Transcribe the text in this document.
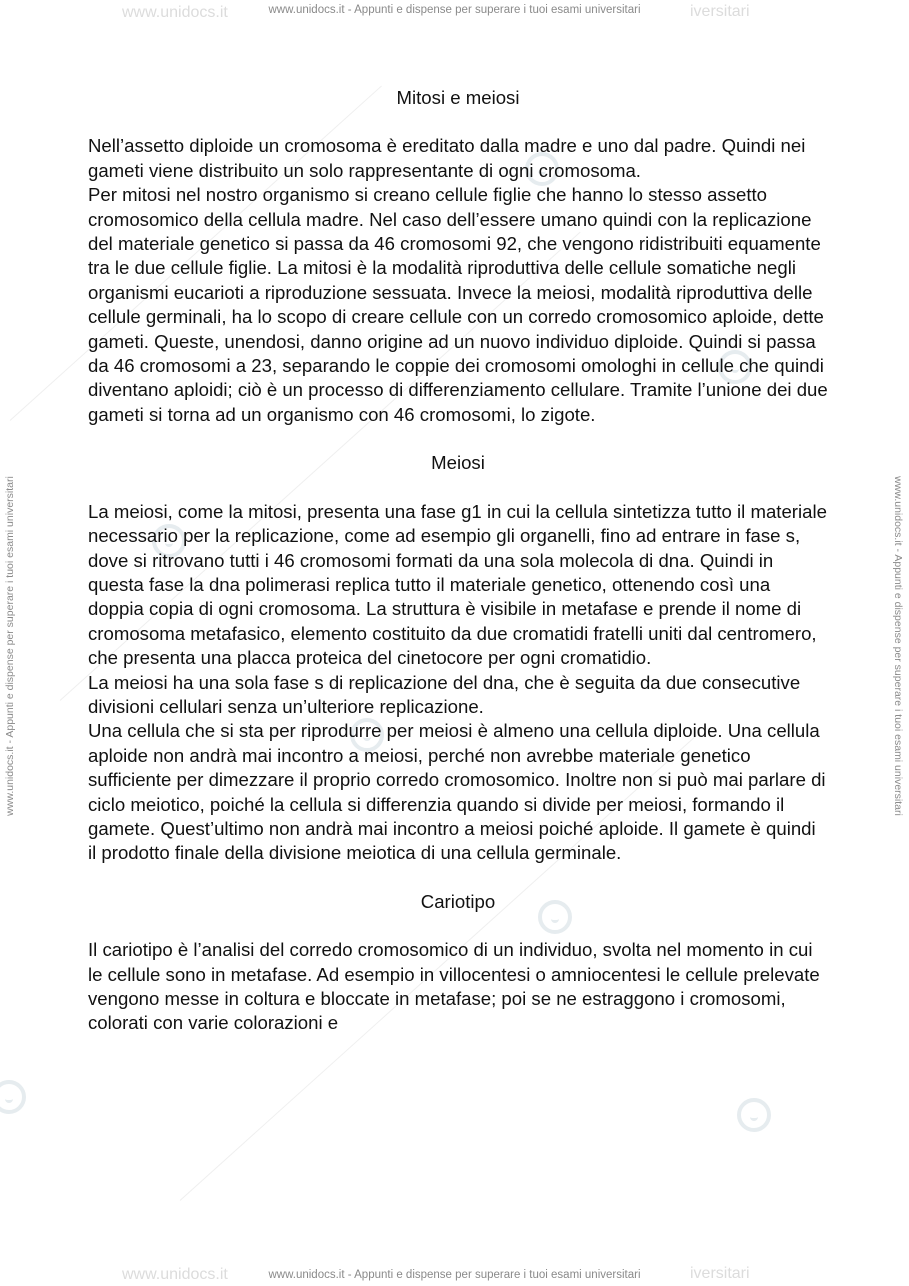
www.unidocs.it	iversitari
www.unidocs.it - Appunti e dispense per superare i tuoi esami universitari
www.unidocs.it	iversitari
www.unidocs.it - Appunti e dispense per superare i tuoi esami universitari
www.unidocs.it - Appunti e dispense per superare i tuoi esami universitari	www.unidocs.it - Appunti e dispense per superare i tuoi esami universitari
Mitosi e meiosi

Nell’assetto diploide un cromosoma è ereditato dalla madre e uno dal padre. Quindi nei gameti viene distribuito un solo rappresentante di ogni cromosoma.

Per mitosi nel nostro organismo si creano cellule figlie che hanno lo stesso assetto cromosomico della cellula madre. Nel caso dell’essere umano quindi con la replicazione del materiale genetico si passa da 46 cromosomi 92, che vengono ridistribuiti equamente tra le due cellule figlie. La mitosi è la modalità riproduttiva delle cellule somatiche negli organismi eucarioti a riproduzione sessuata. Invece la meiosi, modalità riproduttiva delle cellule germinali, ha lo scopo di creare cellule con un corredo cromosomico aploide, dette gameti. Queste, unendosi, danno origine ad un nuovo individuo diploide. Quindi si passa da 46 cromosomi a 23, separando le coppie dei cromosomi omologhi in cellule che quindi diventano aploidi; ciò è un processo di differenziamento cellulare. Tramite l’unione dei due gameti si torna ad un organismo con 46 cromosomi, lo zigote.

Meiosi

La meiosi, come la mitosi, presenta una fase g1 in cui la cellula sintetizza tutto il materiale necessario per la replicazione, come ad esempio gli organelli, fino ad entrare in fase s, dove si ritrovano tutti i 46 cromosomi formati da una sola molecola di dna. Quindi in questa fase la dna polimerasi replica tutto il materiale genetico, ottenendo così una doppia copia di ogni cromosoma. La struttura è visibile in metafase e prende il nome di cromosoma metafasico, elemento costituito da due cromatidi fratelli uniti dal centromero, che presenta una placca proteica del cinetocore per ogni cromatidio.

La meiosi ha una sola fase s di replicazione del dna, che è seguita da due consecutive divisioni cellulari senza un’ulteriore replicazione.

Una cellula che si sta per riprodurre per meiosi è almeno una cellula diploide. Una cellula aploide non andrà mai incontro a meiosi, perché non avrebbe materiale genetico sufficiente per dimezzare il proprio corredo cromosomico. Inoltre non si può mai parlare di ciclo meiotico, poiché la cellula si differenzia quando si divide per meiosi, formando il gamete. Quest’ultimo non andrà mai incontro a meiosi poiché aploide. Il gamete è quindi il prodotto finale della divisione meiotica di una cellula germinale.

Cariotipo

Il cariotipo è l’analisi del corredo cromosomico di un individuo, svolta nel momento in cui le cellule sono in metafase. Ad esempio in villocentesi o amniocentesi le cellule prelevate vengono messe in coltura e bloccate in metafase; poi se ne estraggono i cromosomi, colorati con varie colorazioni e
